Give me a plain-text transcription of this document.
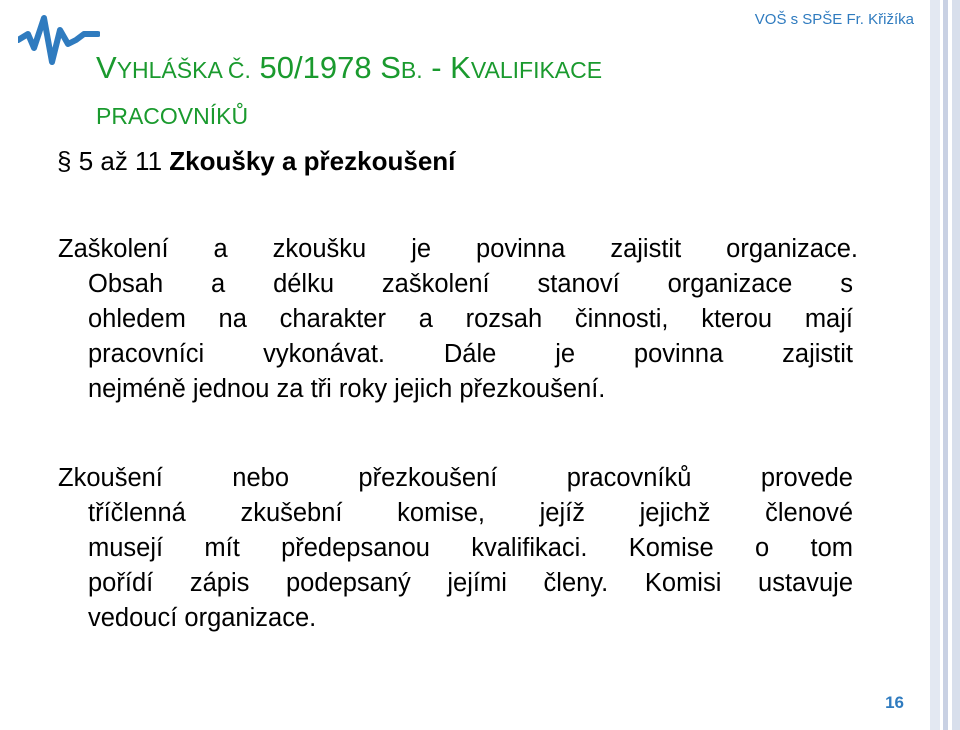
VOŠ s SPŠE Fr. Křižíka
VYHLÁŠKA Č. 50/1978 SB. - KVALIFIKACE
PRACOVNÍKŮ
§ 5 až 11 Zkoušky a přezkoušení
Zaškolení a zkoušku je povinna zajistit organizace.
Obsah a délku zaškolení stanoví organizace s
ohledem na charakter a rozsah činnosti, kterou mají
pracovníci vykonávat. Dále je povinna zajistit
nejméně jednou za tři roky jejich přezkoušení.
Zkoušení nebo přezkoušení pracovníků provede
tříčlenná zkušební komise, jejíž jejichž členové
musejí mít předepsanou kvalifikaci. Komise o tom
pořídí zápis podepsaný jejími členy. Komisi ustavuje
vedoucí organizace.
16
